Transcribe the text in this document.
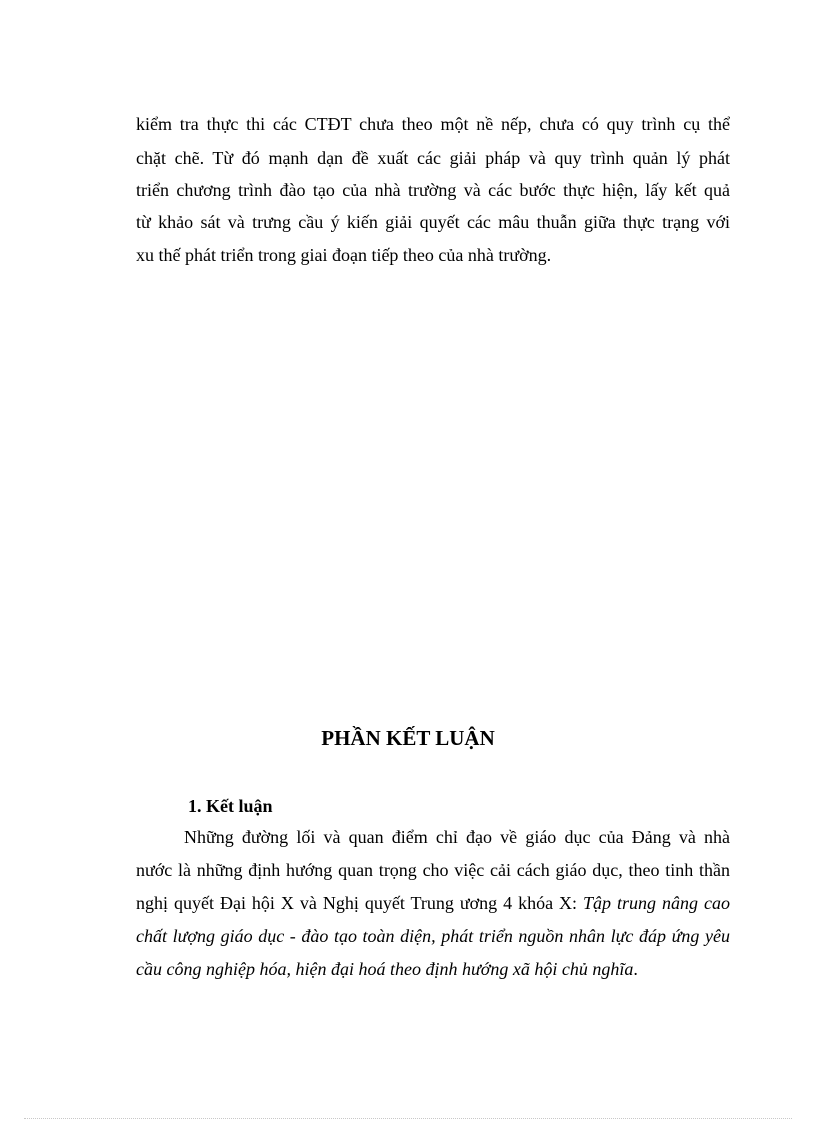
kiểm tra thực thi các CTĐT chưa theo một nề nếp, chưa có quy trình cụ thể
chặt chẽ. Từ đó mạnh dạn đề xuất các giải pháp và quy trình quản lý phát
triển chương trình đào tạo của nhà trường và các bước thực hiện, lấy kết quả
từ khảo sát và trưng cầu ý kiến giải quyết các mâu thuẫn giữa thực trạng với
xu thế phát triển trong giai đoạn tiếp theo của nhà trường.
PHẦN KẾT LUẬN
1. Kết luận
Những đường lối và quan điểm chỉ đạo về giáo dục của Đảng và nhà
nước là những định hướng quan trọng cho việc cải cách giáo dục, theo tinh thần
nghị quyết Đại hội X và Nghị quyết Trung ương 4 khóa X: Tập trung nâng cao
chất lượng giáo dục - đào tạo toàn diện, phát triển nguồn nhân lực đáp ứng yêu
cầu công nghiệp hóa, hiện đại hoá theo định hướng xã hội chủ nghĩa.
